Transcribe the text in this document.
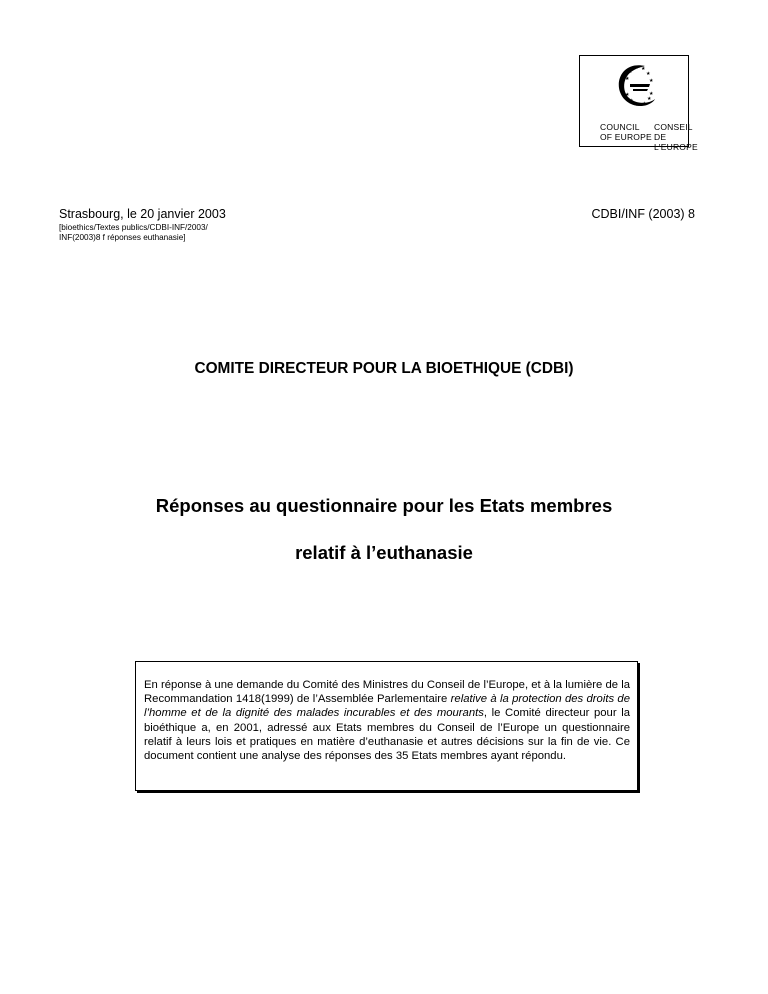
★ ★
★
★
★
★
★
★
★ ★
★
★
COUNCIL
OF EUROPE
CONSEIL
DE L'EUROPE
Strasbourg, le 20 janvier 2003	CDBI/INF (2003) 8
[bioethics/Textes publics/CDBI-INF/2003/
INF(2003)8 f réponses euthanasie]
COMITE DIRECTEUR POUR LA BIOETHIQUE (CDBI)
Réponses au questionnaire pour les Etats membres
relatif à l’euthanasie

En réponse à une demande du Comité des Ministres du Conseil de l’Europe, et à la lumière de la Recommandation 1418(1999) de l’Assemblée Parlementaire relative à la protection des droits de l’homme et de la dignité des malades incurables et des mourants, le Comité directeur pour la bioéthique a, en 2001, adressé aux Etats membres du Conseil de l’Europe un questionnaire relatif à leurs lois et pratiques en matière d’euthanasie et autres décisions sur la fin de vie. Ce document contient une analyse des réponses des 35 Etats membres ayant répondu.
